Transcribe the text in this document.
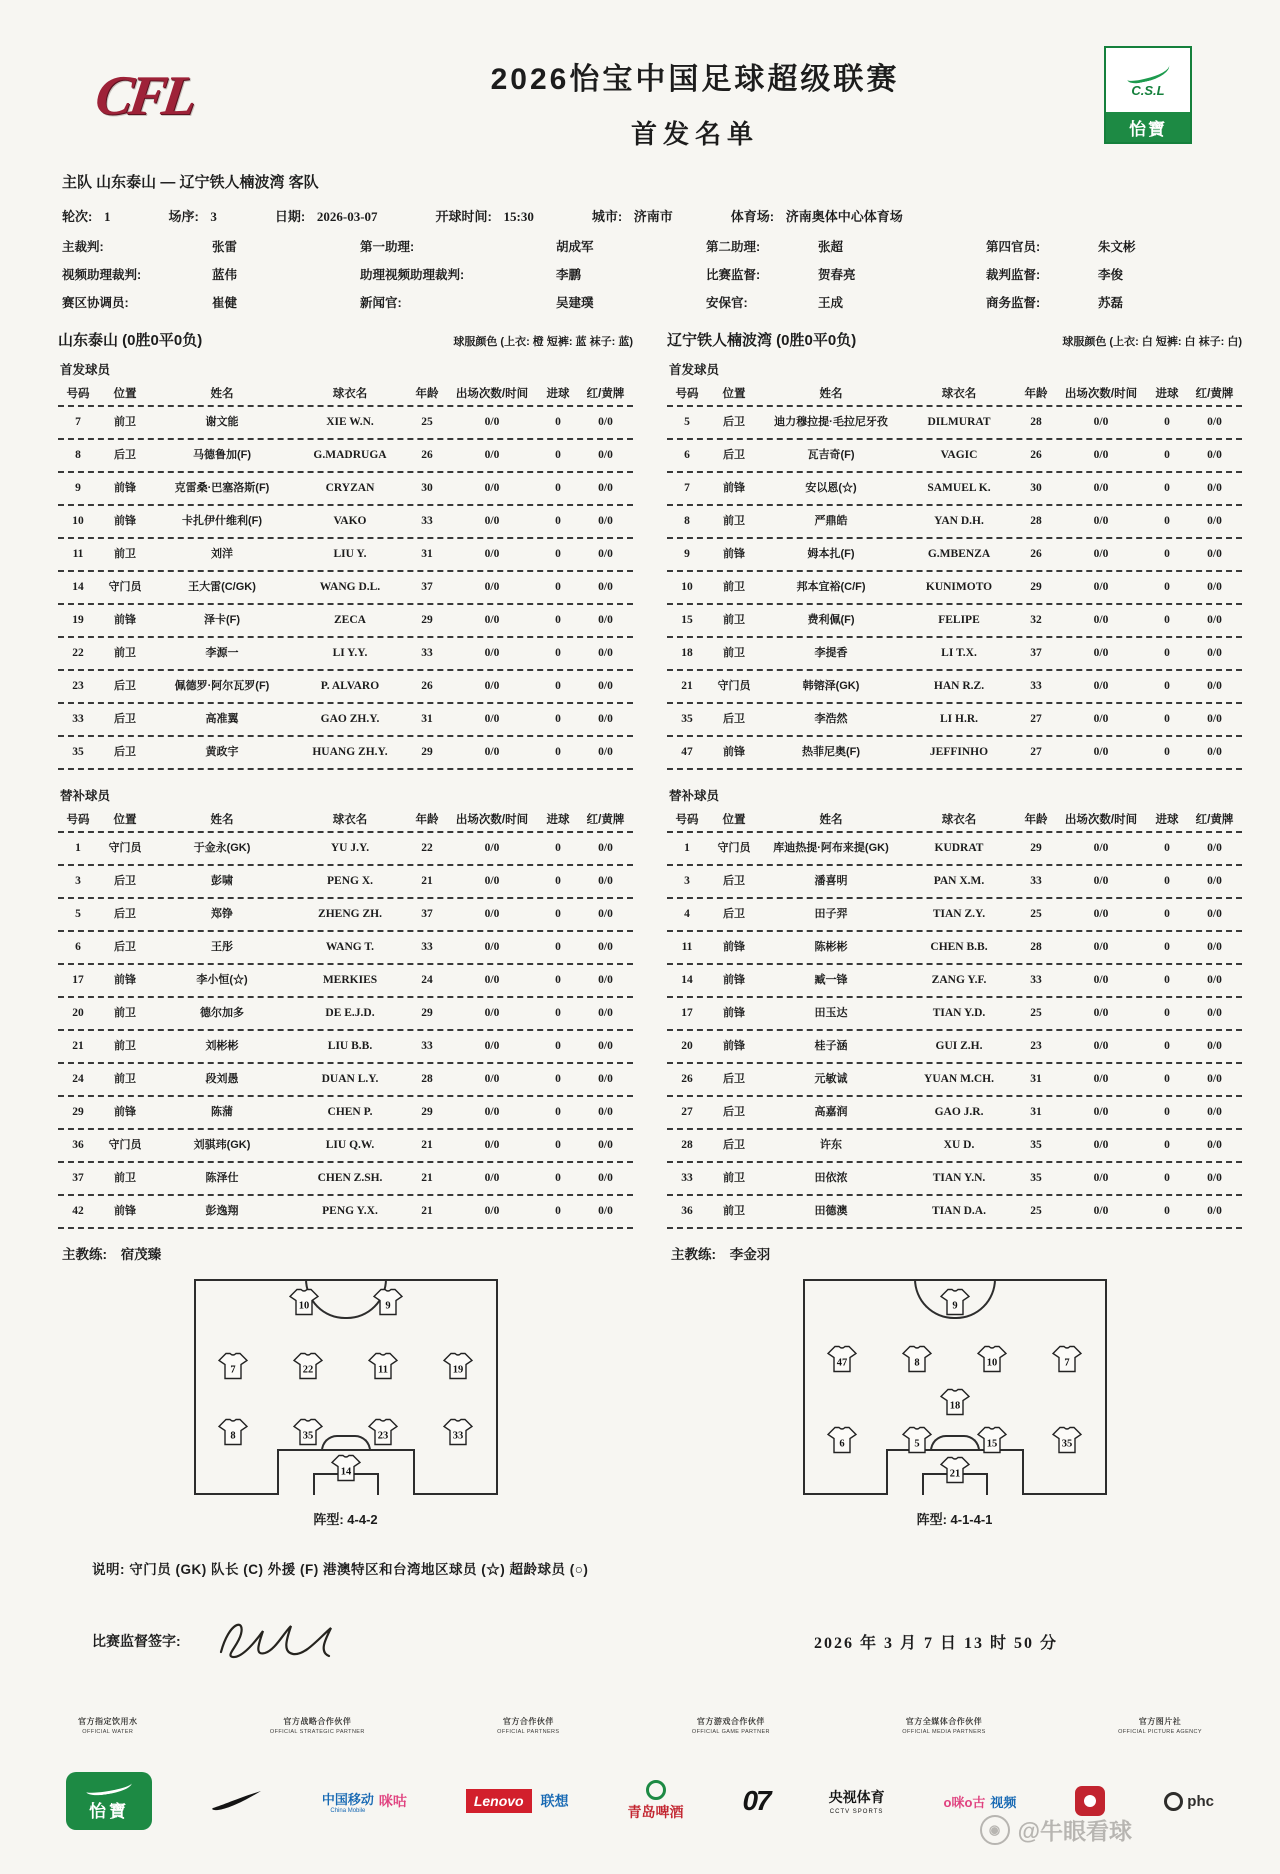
CFL	2026怡宝中国足球超级联赛
首发名单
C.S.L
怡寶
主队 山东泰山 — 辽宁铁人楠波湾 客队
轮次: 1	场序: 3	日期: 2026-03-07	开球时间: 15:30	城市: 济南市	体育场: 济南奥体中心体育场
主裁判:	张雷	第一助理:	胡成军	第二助理:	张超	第四官员:	朱文彬
视频助理裁判:	蓝伟	助理视频助理裁判:	李鹏	比赛监督:	贺春亮	裁判监督:	李俊
赛区协调员:	崔健	新闻官:	吴建璞	安保官:	王成	商务监督:	苏磊
山东泰山 (0胜0平0负)	球服颜色 (上衣: 橙 短裤: 蓝 袜子: 蓝)
首发球员
号码	位置	姓名	球衣名	年龄	出场次数/时间	进球	红/黄牌
7	前卫	谢文能	XIE W.N.	25	0/0	0	0/0
8	后卫	马德鲁加(F)	G.MADRUGA	26	0/0	0	0/0
9	前锋	克雷桑·巴塞洛斯(F)	CRYZAN	30	0/0	0	0/0
10	前锋	卡扎伊什维利(F)	VAKO	33	0/0	0	0/0
11	前卫	刘洋	LIU Y.	31	0/0	0	0/0
14	守门员	王大雷(C/GK)	WANG D.L.	37	0/0	0	0/0
19	前锋	泽卡(F)	ZECA	29	0/0	0	0/0
22	前卫	李源一	LI Y.Y.	33	0/0	0	0/0
23	后卫	佩德罗·阿尔瓦罗(F)	P. ALVARO	26	0/0	0	0/0
33	后卫	高准翼	GAO ZH.Y.	31	0/0	0	0/0
35	后卫	黄政宇	HUANG ZH.Y.	29	0/0	0	0/0
替补球员
号码	位置	姓名	球衣名	年龄	出场次数/时间	进球	红/黄牌
1	守门员	于金永(GK)	YU J.Y.	22	0/0	0	0/0
3	后卫	彭啸	PENG X.	21	0/0	0	0/0
5	后卫	郑铮	ZHENG ZH.	37	0/0	0	0/0
6	后卫	王彤	WANG T.	33	0/0	0	0/0
17	前锋	李小恒(☆)	MERKIES	24	0/0	0	0/0
20	前卫	德尔加多	DE E.J.D.	29	0/0	0	0/0
21	前卫	刘彬彬	LIU B.B.	33	0/0	0	0/0
24	前卫	段刘愚	DUAN L.Y.	28	0/0	0	0/0
29	前锋	陈蒲	CHEN P.	29	0/0	0	0/0
36	守门员	刘骐玮(GK)	LIU Q.W.	21	0/0	0	0/0
37	前卫	陈泽仕	CHEN Z.SH.	21	0/0	0	0/0
42	前锋	彭逸翔	PENG Y.X.	21	0/0	0	0/0
主教练: 宿茂臻
10	9
7	22	11	19
8	35	23	33
14
阵型: 4-4-2
辽宁铁人楠波湾 (0胜0平0负)	球服颜色 (上衣: 白 短裤: 白 袜子: 白)
首发球员
号码	位置	姓名	球衣名	年龄	出场次数/时间	进球	红/黄牌
5	后卫	迪力穆拉提·毛拉尼牙孜	DILMURAT	28	0/0	0	0/0
6	后卫	瓦吉奇(F)	VAGIC	26	0/0	0	0/0
7	前锋	安以恩(☆)	SAMUEL K.	30	0/0	0	0/0
8	前卫	严鼎皓	YAN D.H.	28	0/0	0	0/0
9	前锋	姆本扎(F)	G.MBENZA	26	0/0	0	0/0
10	前卫	邦本宜裕(C/F)	KUNIMOTO	29	0/0	0	0/0
15	前卫	费利佩(F)	FELIPE	32	0/0	0	0/0
18	前卫	李提香	LI T.X.	37	0/0	0	0/0
21	守门员	韩镕泽(GK)	HAN R.Z.	33	0/0	0	0/0
35	后卫	李浩然	LI H.R.	27	0/0	0	0/0
47	前锋	热菲尼奥(F)	JEFFINHO	27	0/0	0	0/0
替补球员
号码	位置	姓名	球衣名	年龄	出场次数/时间	进球	红/黄牌
1	守门员	库迪热提·阿布来提(GK)	KUDRAT	29	0/0	0	0/0
3	后卫	潘喜明	PAN X.M.	33	0/0	0	0/0
4	后卫	田子羿	TIAN Z.Y.	25	0/0	0	0/0
11	前锋	陈彬彬	CHEN B.B.	28	0/0	0	0/0
14	前锋	臧一锋	ZANG Y.F.	33	0/0	0	0/0
17	前锋	田玉达	TIAN Y.D.	25	0/0	0	0/0
20	前锋	桂子涵	GUI Z.H.	23	0/0	0	0/0
26	后卫	元敏诚	YUAN M.CH.	31	0/0	0	0/0
27	后卫	高嘉润	GAO J.R.	31	0/0	0	0/0
28	后卫	许东	XU D.	35	0/0	0	0/0
33	前卫	田依浓	TIAN Y.N.	35	0/0	0	0/0
36	前卫	田德澳	TIAN D.A.	25	0/0	0	0/0
主教练: 李金羽
9
47	8	10	7
18
6	5	15	35
21
阵型: 4-1-4-1
说明: 守门员 (GK) 队长 (C) 外援 (F) 港澳特区和台湾地区球员 (☆) 超龄球员 (○)
比赛监督签字:	2026 年 3 月 7 日 13 时 50 分
官方指定饮用水
OFFICIAL WATER
官方战略合作伙伴
OFFICIAL STRATEGIC PARTNER
官方合作伙伴
OFFICIAL PARTNERS
官方游戏合作伙伴
OFFICIAL GAME PARTNER
官方全媒体合作伙伴
OFFICIAL MEDIA PARTNERS
官方图片社
OFFICIAL PICTURE AGENCY
怡寶
中国移动
China Mobile
咪咕	Lenovo	联想
青岛啤酒 07	央视体育
CCTV SPORTS
o咪o古 视频	phc
◉ @牛眼看球
